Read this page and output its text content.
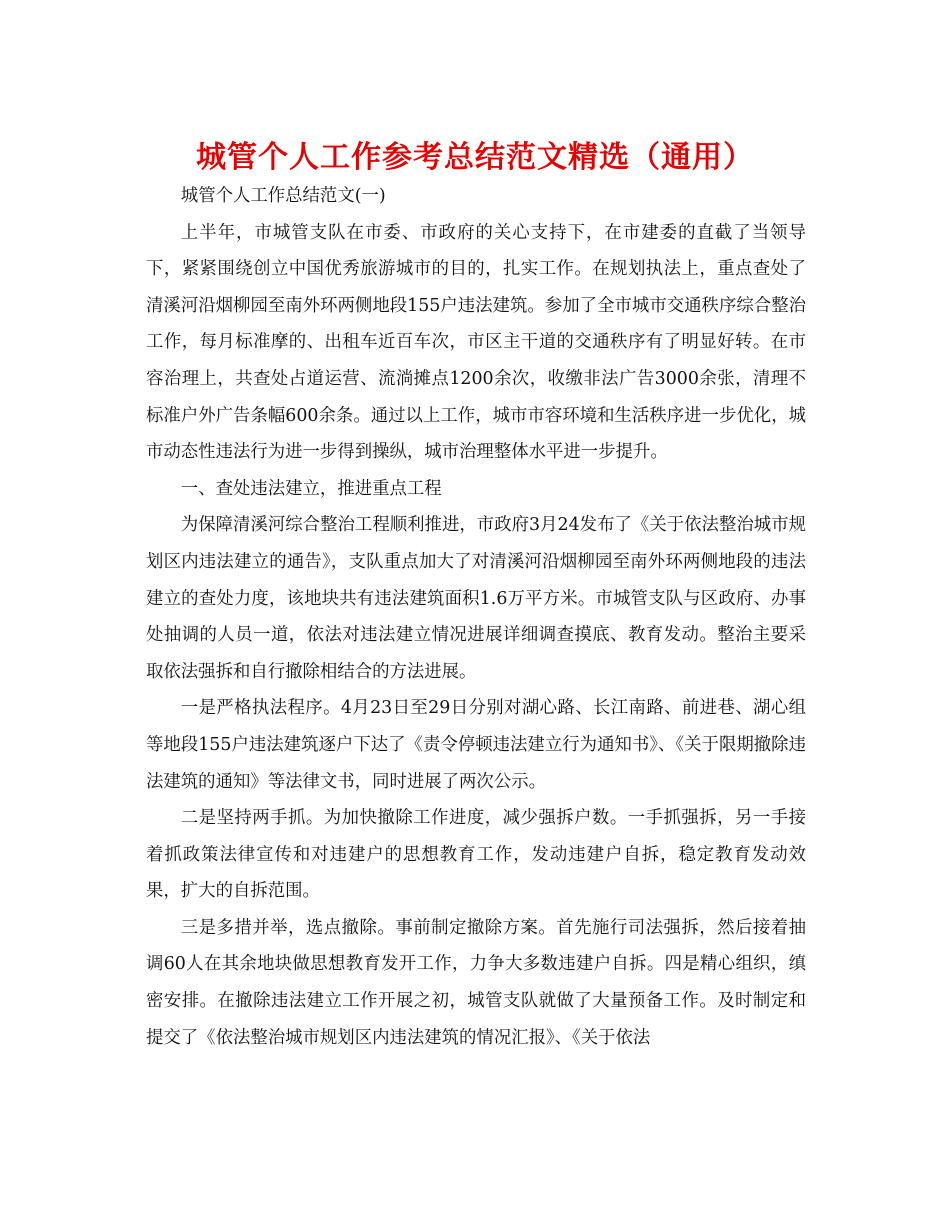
城管个人工作参考总结范文精选（通用）

城管个人工作总结范文(一)

上半年，市城管支队在市委、市政府的关心支持下，在市建委的直截了当领导下，紧紧围绕创立中国优秀旅游城市的目的，扎实工作。在规划执法上，重点查处了清溪河沿烟柳园至南外环两侧地段155户违法建筑。参加了全市城市交通秩序综合整治工作，每月标准摩的、出租车近百车次，市区主干道的交通秩序有了明显好转。在市容治理上，共查处占道运营、流淌摊点1200余次，收缴非法广告3000余张，清理不标准户外广告条幅600余条。通过以上工作，城市市容环境和生活秩序进一步优化，城市动态性违法行为进一步得到操纵，城市治理整体水平进一步提升。

一、查处违法建立，推进重点工程

为保障清溪河综合整治工程顺利推进，市政府3月24发布了《关于依法整治城市规划区内违法建立的通告》，支队重点加大了对清溪河沿烟柳园至南外环两侧地段的违法建立的查处力度，该地块共有违法建筑面积1.6万平方米。市城管支队与区政府、办事处抽调的人员一道，依法对违法建立情况进展详细调查摸底、教育发动。整治主要采取依法强拆和自行撤除相结合的方法进展。

一是严格执法程序。4月23日至29日分别对湖心路、长江南路、前进巷、湖心组等地段155户违法建筑逐户下达了《责令停顿违法建立行为通知书》、《关于限期撤除违法建筑的通知》等法律文书，同时进展了两次公示。

二是坚持两手抓。为加快撤除工作进度，减少强拆户数。一手抓强拆，另一手接着抓政策法律宣传和对违建户的思想教育工作，发动违建户自拆，稳定教育发动效果，扩大的自拆范围。

三是多措并举，选点撤除。事前制定撤除方案。首先施行司法强拆，然后接着抽调60人在其余地块做思想教育发开工作，力争大多数违建户自拆。四是精心组织，缜密安排。在撤除违法建立工作开展之初，城管支队就做了大量预备工作。及时制定和提交了《依法整治城市规划区内违法建筑的情况汇报》、《关于依法
